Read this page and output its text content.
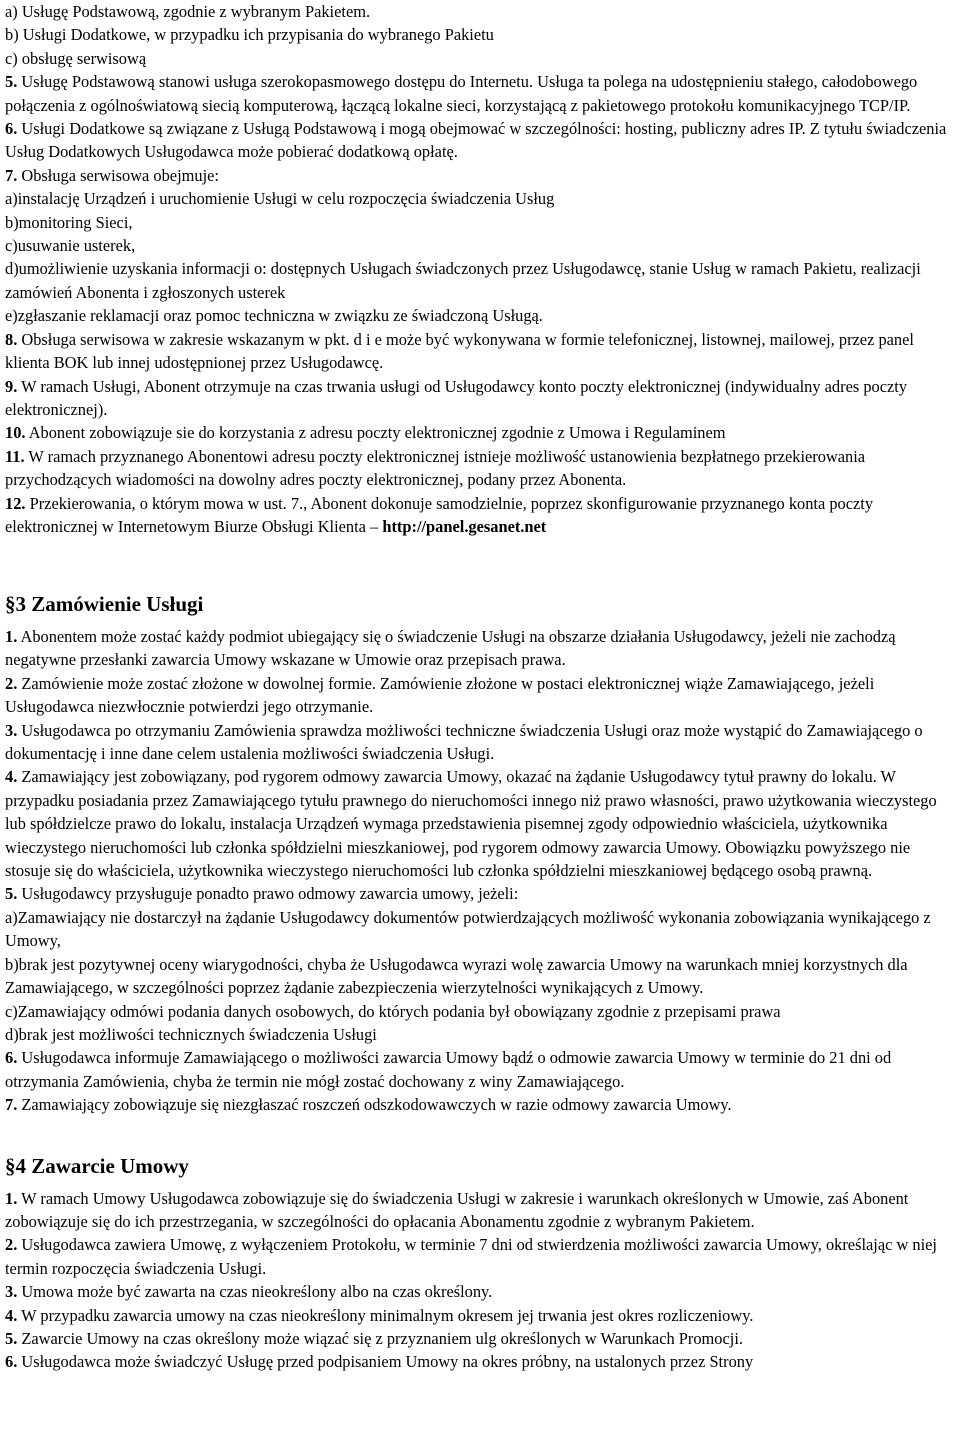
a) Usługę Podstawową, zgodnie z wybranym Pakietem.

b) Usługi Dodatkowe, w przypadku ich przypisania do wybranego Pakietu

c) obsługę serwisową

5. Usługę Podstawową stanowi usługa szerokopasmowego dostępu do Internetu. Usługa ta polega na udostępnieniu stałego, całodobowego połączenia z ogólnoświatową siecią komputerową, łączącą lokalne sieci, korzystającą z pakietowego protokołu komunikacyjnego TCP/IP.

6. Usługi Dodatkowe są związane z Usługą Podstawową i mogą obejmować w szczególności: hosting, publiczny adres IP. Z tytułu świadczenia Usług Dodatkowych Usługodawca może pobierać dodatkową opłatę.

7. Obsługa serwisowa obejmuje:

a)instalację Urządzeń i uruchomienie Usługi w celu rozpoczęcia świadczenia Usług

b)monitoring Sieci,

c)usuwanie usterek,

d)umożliwienie uzyskania informacji o: dostępnych Usługach świadczonych przez Usługodawcę, stanie Usług w ramach Pakietu, realizacji zamówień Abonenta i zgłoszonych usterek

e)zgłaszanie reklamacji oraz pomoc techniczna w związku ze świadczoną Usługą.

8. Obsługa serwisowa w zakresie wskazanym w pkt. d i e może być wykonywana w formie telefonicznej, listownej, mailowej, przez panel klienta BOK lub innej udostępnionej przez Usługodawcę.

9. W ramach Usługi, Abonent otrzymuje na czas trwania usługi od Usługodawcy konto poczty elektronicznej (indywidualny adres poczty elektronicznej).

10. Abonent zobowiązuje sie do korzystania z adresu poczty elektronicznej zgodnie z Umowa i Regulaminem

11. W ramach przyznanego Abonentowi adresu poczty elektronicznej istnieje możliwość ustanowienia bezpłatnego przekierowania przychodzących wiadomości na dowolny adres poczty elektronicznej, podany przez Abonenta.

12. Przekierowania, o którym mowa w ust. 7., Abonent dokonuje samodzielnie, poprzez skonfigurowanie przyznanego konta poczty elektronicznej w Internetowym Biurze Obsługi Klienta – http://panel.gesanet.net

§3 Zamówienie Usługi

1. Abonentem może zostać każdy podmiot ubiegający się o świadczenie Usługi na obszarze działania Usługodawcy, jeżeli nie zachodzą negatywne przesłanki zawarcia Umowy wskazane w Umowie oraz przepisach prawa.

2. Zamówienie może zostać złożone w dowolnej formie. Zamówienie złożone w postaci elektronicznej wiąże Zamawiającego, jeżeli Usługodawca niezwłocznie potwierdzi jego otrzymanie.

3. Usługodawca po otrzymaniu Zamówienia sprawdza możliwości techniczne świadczenia Usługi oraz może wystąpić do Zamawiającego o dokumentację i inne dane celem ustalenia możliwości świadczenia Usługi.

4. Zamawiający jest zobowiązany, pod rygorem odmowy zawarcia Umowy, okazać na żądanie Usługodawcy tytuł prawny do lokalu. W przypadku posiadania przez Zamawiającego tytułu prawnego do nieruchomości innego niż prawo własności, prawo użytkowania wieczystego lub spółdzielcze prawo do lokalu, instalacja Urządzeń wymaga przedstawienia pisemnej zgody odpowiednio właściciela, użytkownika wieczystego nieruchomości lub członka spółdzielni mieszkaniowej, pod rygorem odmowy zawarcia Umowy. Obowiązku powyższego nie stosuje się do właściciela, użytkownika wieczystego nieruchomości lub członka spółdzielni mieszkaniowej będącego osobą prawną.

5. Usługodawcy przysługuje ponadto prawo odmowy zawarcia umowy, jeżeli:

a)Zamawiający nie dostarczył na żądanie Usługodawcy dokumentów potwierdzających możliwość wykonania zobowiązania wynikającego z Umowy,

b)brak jest pozytywnej oceny wiarygodności, chyba że Usługodawca wyrazi wolę zawarcia Umowy na warunkach mniej korzystnych dla Zamawiającego, w szczególności poprzez żądanie zabezpieczenia wierzytelności wynikających z Umowy.

c)Zamawiający odmówi podania danych osobowych, do których podania był obowiązany zgodnie z przepisami prawa

d)brak jest możliwości technicznych świadczenia Usługi

6. Usługodawca informuje Zamawiającego o możliwości zawarcia Umowy bądź o odmowie zawarcia Umowy w terminie do 21 dni od otrzymania Zamówienia, chyba że termin nie mógł zostać dochowany z winy Zamawiającego.

7. Zamawiający zobowiązuje się niezgłaszać roszczeń odszkodowawczych w razie odmowy zawarcia Umowy.

§4 Zawarcie Umowy

1. W ramach Umowy Usługodawca zobowiązuje się do świadczenia Usługi w zakresie i warunkach określonych w Umowie, zaś Abonent zobowiązuje się do ich przestrzegania, w szczególności do opłacania Abonamentu zgodnie z wybranym Pakietem.

2. Usługodawca zawiera Umowę, z wyłączeniem Protokołu, w terminie 7 dni od stwierdzenia możliwości zawarcia Umowy, określając w niej termin rozpoczęcia świadczenia Usługi.

3. Umowa może być zawarta na czas nieokreślony albo na czas określony.

4. W przypadku zawarcia umowy na czas nieokreślony minimalnym okresem jej trwania jest okres rozliczeniowy.

5. Zawarcie Umowy na czas określony może wiązać się z przyznaniem ulg określonych w Warunkach Promocji.

6. Usługodawca może świadczyć Usługę przed podpisaniem Umowy na okres próbny, na ustalonych przez Strony
